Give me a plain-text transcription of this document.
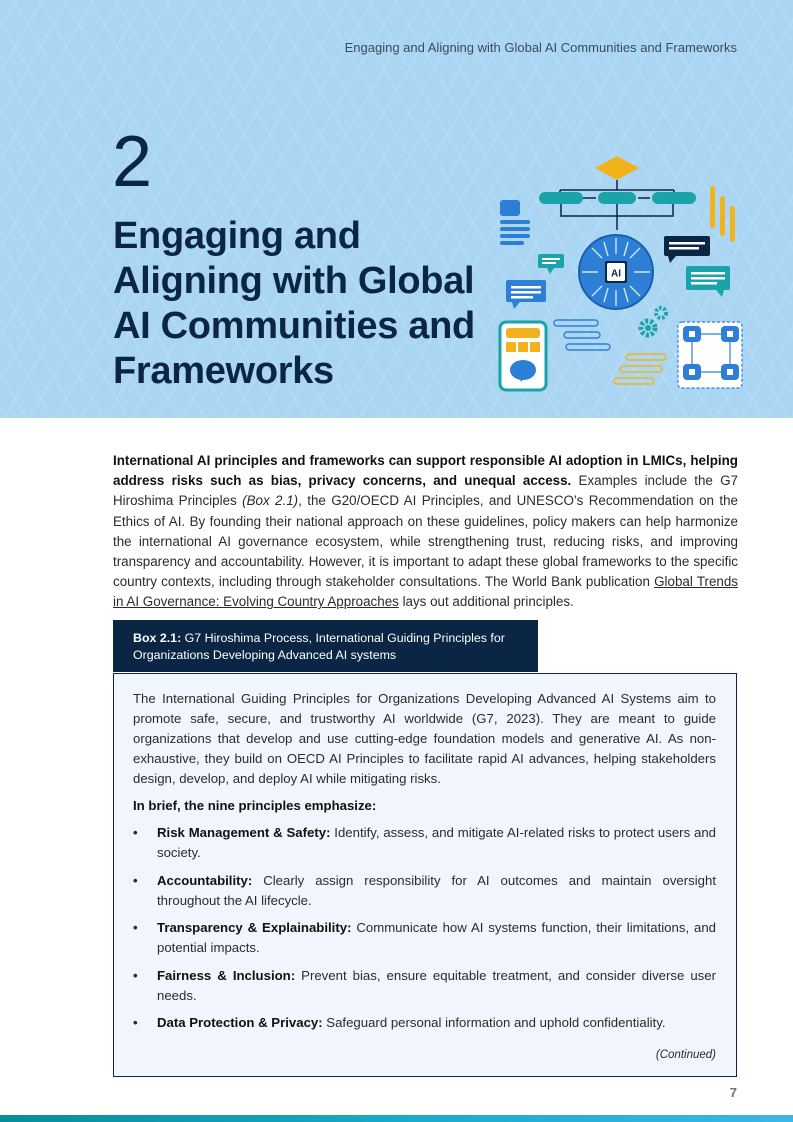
Engaging and Aligning with Global AI Communities and Frameworks
2
Engaging and Aligning with Global AI Communities and Frameworks
AI

International AI principles and frameworks can support responsible AI adoption in LMICs, helping address risks such as bias, privacy concerns, and unequal access. Examples include the G7 Hiroshima Principles (Box 2.1), the G20/OECD AI Principles, and UNESCO’s Recommendation on the Ethics of AI. By founding their national approach on these guidelines, policy makers can help harmonize the international AI governance ecosystem, while strengthening trust, reducing risks, and improving transparency and accountability. However, it is important to adapt these global frameworks to the specific country contexts, including through stakeholder consultations. The World Bank publication Global Trends in AI Governance: Evolving Country Approaches lays out additional principles.

Box 2.1: G7 Hiroshima Process, International Guiding Principles for Organizations Developing Advanced AI systems

The International Guiding Principles for Organizations Developing Advanced AI Systems aim to promote safe, secure, and trustworthy AI worldwide (G7, 2023). They are meant to guide organizations that develop and use cutting-edge foundation models and generative AI. As non-exhaustive, they build on OECD AI Principles to facilitate rapid AI advances, helping stakeholders design, develop, and deploy AI while mitigating risks.

In brief, the nine principles emphasize:

• Risk Management & Safety: Identify, assess, and mitigate AI-related risks to protect users and society.
• Accountability: Clearly assign responsibility for AI outcomes and maintain oversight throughout the AI lifecycle.
• Transparency & Explainability: Communicate how AI systems function, their limitations, and potential impacts.
• Fairness & Inclusion: Prevent bias, ensure equitable treatment, and consider diverse user needs.
• Data Protection & Privacy: Safeguard personal information and uphold confidentiality.
(Continued)
7
